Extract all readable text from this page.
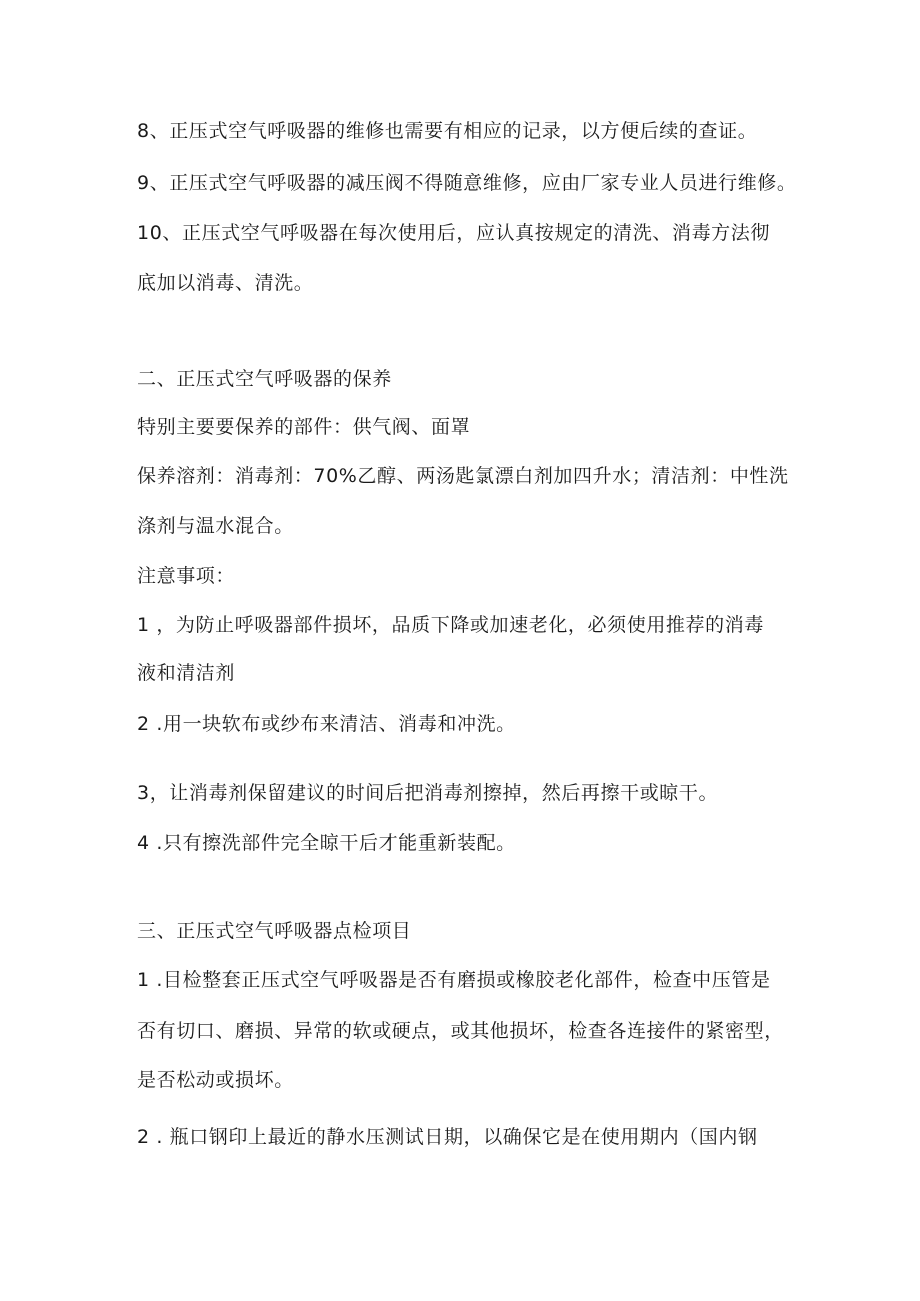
8、正压式空气呼吸器的维修也需要有相应的记录，以方便后续的查证。
9、正压式空气呼吸器的减压阀不得随意维修，应由厂家专业人员进行维修。
10、正压式空气呼吸器在每次使用后，应认真按规定的清洗、消毒方法彻
底加以消毒、清洗。
二、正压式空气呼吸器的保养
特别主要要保养的部件：供气阀、面罩
保养溶剂：消毒剂：70%乙醇、两汤匙氯漂白剂加四升水；清洁剂：中性洗
涤剂与温水混合。
注意事项：
1 ，为防止呼吸器部件损坏，品质下降或加速老化，必须使用推荐的消毒
液和清洁剂
2 .用一块软布或纱布来清洁、消毒和冲洗。
3，让消毒剂保留建议的时间后把消毒剂擦掉，然后再擦干或晾干。
4 .只有擦洗部件完全晾干后才能重新装配。
三、正压式空气呼吸器点检项目
1 .目检整套正压式空气呼吸器是否有磨损或橡胶老化部件，检查中压管是
否有切口、磨损、异常的软或硬点，或其他损坏，检查各连接件的紧密型，
是否松动或损坏。
2 . 瓶口钢印上最近的静水压测试日期，以确保它是在使用期内（国内钢
